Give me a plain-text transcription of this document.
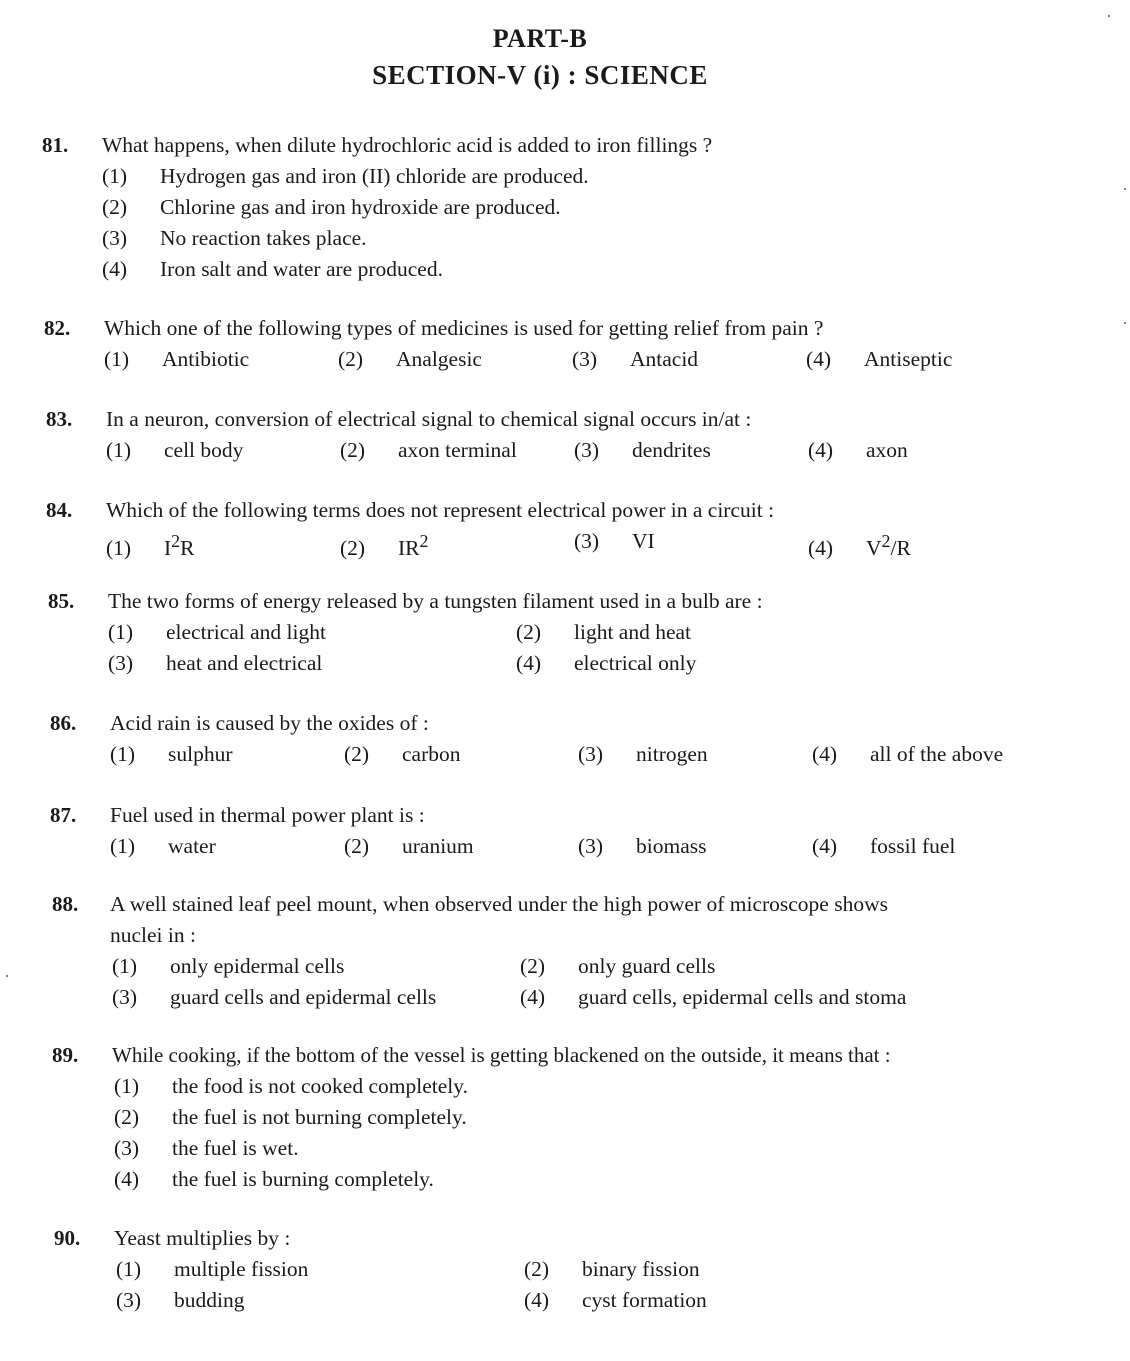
PART-B
SECTION-V (i) : SCIENCE
81. What happens, when dilute hydrochloric acid is added to iron fillings ?
(1) Hydrogen gas and iron (II) chloride are produced.
(2) Chlorine gas and iron hydroxide are produced.
(3) No reaction takes place.
(4) Iron salt and water are produced.
82. Which one of the following types of medicines is used for getting relief from pain ?
(1) Antibiotic	(2) Analgesic	(3) Antacid	(4) Antiseptic
83. In a neuron, conversion of electrical signal to chemical signal occurs in/at :
(1) cell body	(2) axon terminal	(3) dendrites	(4) axon
84. Which of the following terms does not represent electrical power in a circuit :
(1) $I^2R$	(2) $IR^2$	(3) VI	(4) $V^2/R$
85. The two forms of energy released by a tungsten filament used in a bulb are :
(1) electrical and light	(2) light and heat
(3) heat and electrical	(4) electrical only
86. Acid rain is caused by the oxides of :
(1) sulphur	(2) carbon	(3) nitrogen	(4) all of the above
87. Fuel used in thermal power plant is :
(1) water	(2) uranium	(3) biomass	(4) fossil fuel
88. A well stained leaf peel mount, when observed under the high power of microscope shows
nuclei in :
(1) only epidermal cells	(2) only guard cells
(3) guard cells and epidermal cells	(4) guard cells, epidermal cells and stoma
89. While cooking, if the bottom of the vessel is getting blackened on the outside, it means that :
(1) the food is not cooked completely.
(2) the fuel is not burning completely.
(3) the fuel is wet.
(4) the fuel is burning completely.
90. Yeast multiplies by :
(1) multiple fission	(2) binary fission
(3) budding	(4) cyst formation
